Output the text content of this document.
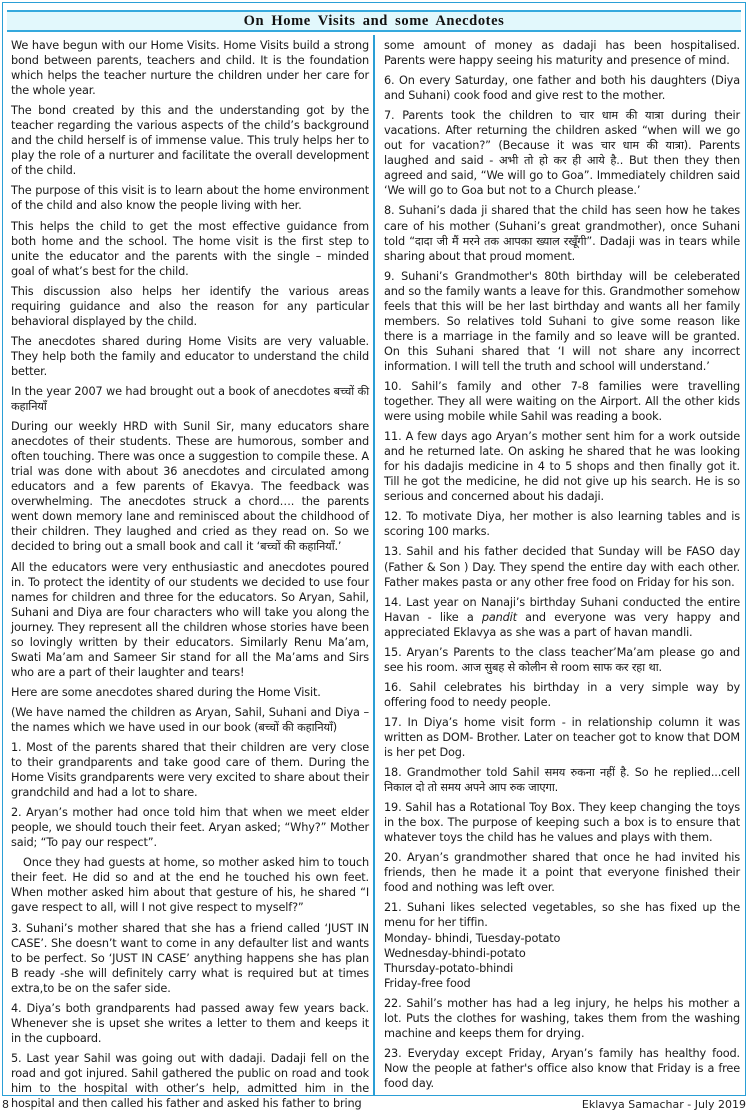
On Home Visits and some Anecdotes

We have begun with our Home Visits. Home Visits build a strong bond between parents, teachers and child. It is the foundation which helps the teacher nurture the children under her care for the whole year.

The bond created by this and the understanding got by the teacher regarding the various aspects of the child’s background and the child herself is of immense value. This truly helps her to play the role of a nurturer and facilitate the overall development of the child.

The purpose of this visit is to learn about the home environment of the child and also know the people living with her.

This helps the child to get the most effective guidance from both home and the school. The home visit is the first step to unite the educator and the parents with the single – minded goal of what’s best for the child.

This discussion also helps her identify the various areas requiring guidance and also the reason for any particular behavioral displayed by the child.

The anecdotes shared during Home Visits are very valuable. They help both the family and educator to understand the child better.

In the year 2007 we had brought out a book of anecdotes बच्चों की कहानियाँ

During our weekly HRD with Sunil Sir, many educators share anecdotes of their students. These are humorous, somber and often touching. There was once a suggestion to compile these. A trial was done with about 36 anecdotes and circulated among educators and a few parents of Ekavya. The feedback was overwhelming. The anecdotes struck a chord…. the parents went down memory lane and reminisced about the childhood of their children. They laughed and cried as they read on. So we decided to bring out a small book and call it ‘बच्चों की कहानियाँ.’

All the educators were very enthusiastic and anecdotes poured in. To protect the identity of our students we decided to use four names for children and three for the educators. So Aryan, Sahil, Suhani and Diya are four characters who will take you along the journey. They represent all the children whose stories have been so lovingly written by their educators. Similarly Renu Ma’am, Swati Ma’am and Sameer Sir stand for all the Ma’ams and Sirs who are a part of their laughter and tears!

Here are some anecdotes shared during the Home Visit.

(We have named the children as Aryan, Sahil, Suhani and Diya – the names which we have used in our book (बच्चों की कहानियाँ)

1. Most of the parents shared that their children are very close to their grandparents and take good care of them. During the Home Visits grandparents were very excited to share about their grandchild and had a lot to share.

2. Aryan’s mother had once told him that when we meet elder people, we should touch their feet. Aryan asked; “Why?” Mother said; “To pay our respect”.

Once they had guests at home, so mother asked him to touch their feet. He did so and at the end he touched his own feet. When mother asked him about that gesture of his, he shared “I gave respect to all, will I not give respect to myself?”

3. Suhani’s mother shared that she has a friend called ‘JUST IN CASE’. She doesn’t want to come in any defaulter list and wants to be perfect. So ‘JUST IN CASE’ anything happens she has plan B ready -she will definitely carry what is required but at times extra,to be on the safer side.

4. Diya’s both grandparents had passed away few years back. Whenever she is upset she writes a letter to them and keeps it in the cupboard.

5. Last year Sahil was going out with dadaji. Dadaji fell on the road and got injured. Sahil gathered the public on road and took him to the hospital with other’s help, admitted him in the hospital and then called his father and asked his father to bring

some amount of money as dadaji has been hospitalised. Parents were happy seeing his maturity and presence of mind.

6. On every Saturday, one father and both his daughters (Diya and Suhani) cook food and give rest to the mother.

7. Parents took the children to चार धाम की यात्रा during their vacations. After returning the children asked “when will we go out for vacation?” (Because it was चार धाम की यात्रा). Parents laughed and said - अभी तो हो कर ही आये है.. But then they then agreed and said, “We will go to Goa”. Immediately children said ‘We will go to Goa but not to a Church please.’

8. Suhani’s dada ji shared that the child has seen how he takes care of his mother (Suhani’s great grandmother), once Suhani told “दादा जी मैं मरने तक आपका ख्याल रखूँगी”. Dadaji was in tears while sharing about that proud moment.

9. Suhani’s Grandmother's 80th birthday will be celeberated and so the family wants a leave for this. Grandmother somehow feels that this will be her last birthday and wants all her family members. So relatives told Suhani to give some reason like there is a marriage in the family and so leave will be granted. On this Suhani shared that ‘I will not share any incorrect information. I will tell the truth and school will understand.’

10. Sahil’s family and other 7-8 families were travelling together. They all were waiting on the Airport. All the other kids were using mobile while Sahil was reading a book.

11. A few days ago Aryan’s mother sent him for a work outside and he returned late. On asking he shared that he was looking for his dadajis medicine in 4 to 5 shops and then finally got it. Till he got the medicine, he did not give up his search. He is so serious and concerned about his dadaji.

12. To motivate Diya, her mother is also learning tables and is scoring 100 marks.

13. Sahil and his father decided that Sunday will be FASO day (Father & Son ) Day. They spend the entire day with each other. Father makes pasta or any other free food on Friday for his son.

14. Last year on Nanaji’s birthday Suhani conducted the entire Havan - like a pandit and everyone was very happy and appreciated Eklavya as she was a part of havan mandli.

15. Aryan’s Parents to the class teacher’Ma’am please go and see his room. आज सुबह से कोलीन से room साफ कर रहा था.

16. Sahil celebrates his birthday in a very simple way by offering food to needy people.

17. In Diya’s home visit form - in relationship column it was written as DOM- Brother. Later on teacher got to know that DOM is her pet Dog.

18. Grandmother told Sahil समय रुकना नहीं है. So he replied...cell निकाल दो तो समय अपने आप रुक जाएगा.

19. Sahil has a Rotational Toy Box. They keep changing the toys in the box. The purpose of keeping such a box is to ensure that whatever toys the child has he values and plays with them.

20. Aryan’s grandmother shared that once he had invited his friends, then he made it a point that everyone finished their food and nothing was left over.

21. Suhani likes selected vegetables, so she has fixed up the menu for her tiffin.

Monday- bhindi, Tuesday-potato

Wednesday-bhindi-potato

Thursday-potato-bhindi

Friday-free food

22. Sahil’s mother has had a leg injury, he helps his mother a lot. Puts the clothes for washing, takes them from the washing machine and keeps them for drying.

23. Everyday except Friday, Aryan’s family has healthy food. Now the people at father's office also know that Friday is a free food day.

8	Eklavya Samachar - July 2019
